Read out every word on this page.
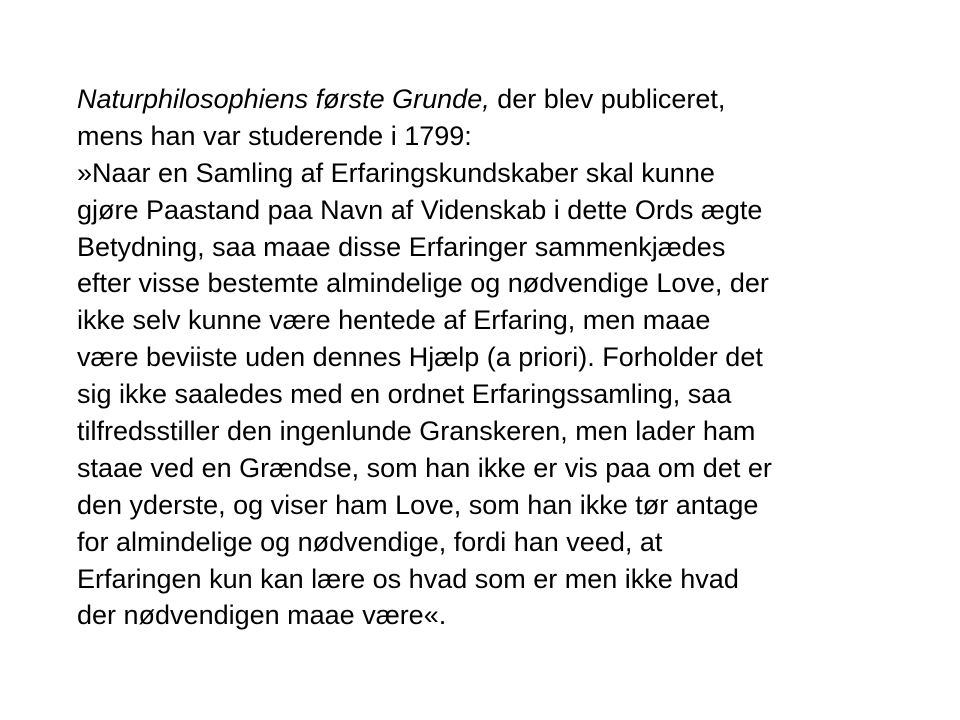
Naturphilosophiens første Grunde, der blev publiceret,
mens han var studerende i 1799:
»Naar en Samling af Erfaringskundskaber skal kunne
gjøre Paastand paa Navn af Videnskab i dette Ords ægte
Betydning, saa maae disse Erfaringer sammenkjædes
efter visse bestemte almindelige og nødvendige Love, der
ikke selv kunne være hentede af Erfaring, men maae
være beviiste uden dennes Hjælp (a priori). Forholder det
sig ikke saaledes med en ordnet Erfaringssamling, saa
tilfredsstiller den ingenlunde Granskeren, men lader ham
staae ved en Grændse, som han ikke er vis paa om det er
den yderste, og viser ham Love, som han ikke tør antage
for almindelige og nødvendige, fordi han veed, at
Erfaringen kun kan lære os hvad som er men ikke hvad
der nødvendigen maae være«.
